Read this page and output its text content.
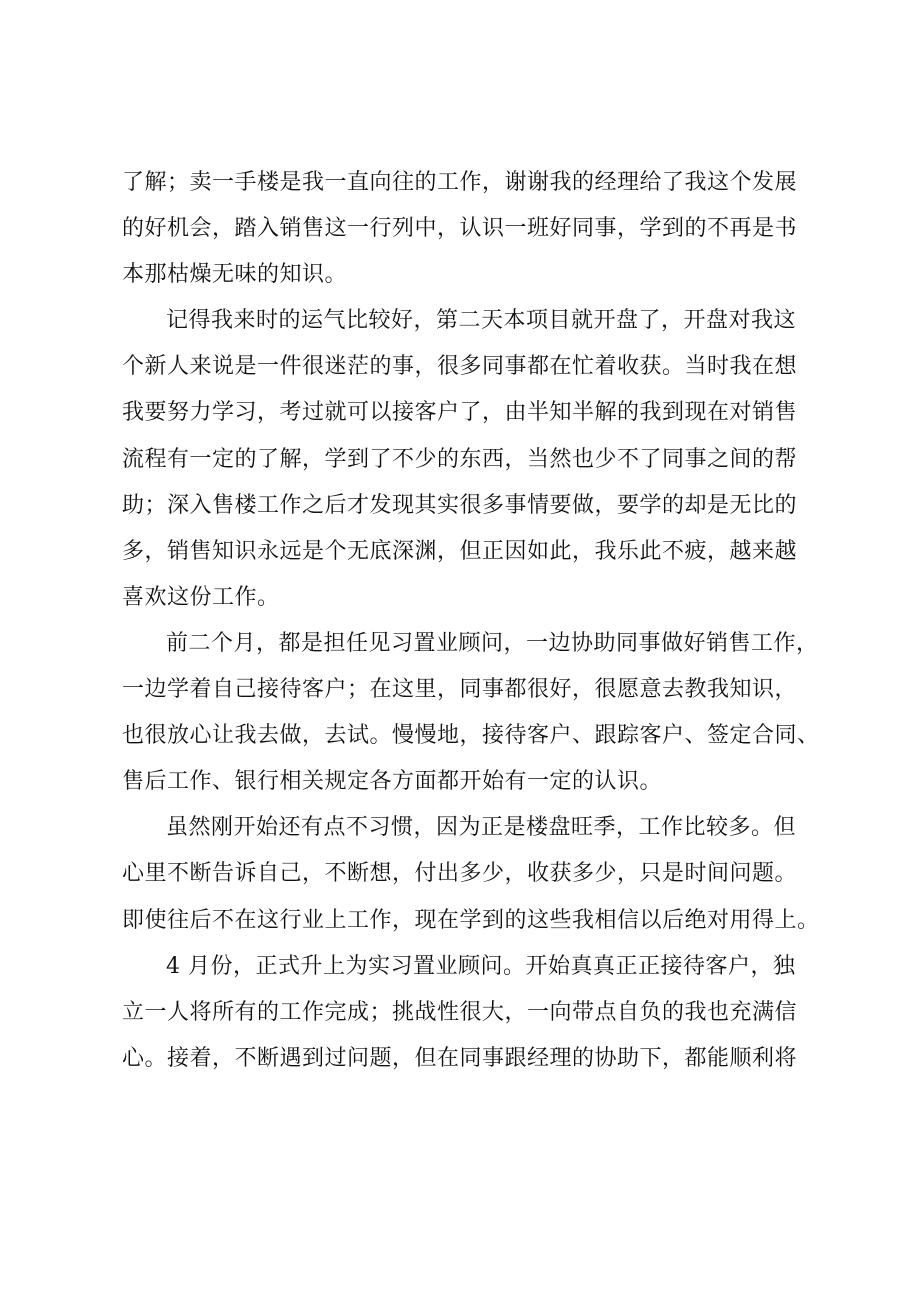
了解；卖一手楼是我一直向往的工作，谢谢我的经理给了我这个发展
的好机会，踏入销售这一行列中，认识一班好同事，学到的不再是书
本那枯燥无味的知识。
记得我来时的运气比较好，第二天本项目就开盘了，开盘对我这
个新人来说是一件很迷茫的事，很多同事都在忙着收获。当时我在想
我要努力学习，考过就可以接客户了，由半知半解的我到现在对销售
流程有一定的了解，学到了不少的东西，当然也少不了同事之间的帮
助；深入售楼工作之后才发现其实很多事情要做，要学的却是无比的
多，销售知识永远是个无底深渊，但正因如此，我乐此不疲，越来越
喜欢这份工作。
前二个月，都是担任见习置业顾问，一边协助同事做好销售工作，
一边学着自己接待客户；在这里，同事都很好，很愿意去教我知识，
也很放心让我去做，去试。慢慢地，接待客户、跟踪客户、签定合同、
售后工作、银行相关规定各方面都开始有一定的认识。
虽然刚开始还有点不习惯，因为正是楼盘旺季，工作比较多。但
心里不断告诉自己，不断想，付出多少，收获多少，只是时间问题。
即使往后不在这行业上工作，现在学到的这些我相信以后绝对用得上。
4 月份，正式升上为实习置业顾问。开始真真正正接待客户，独
立一人将所有的工作完成；挑战性很大，一向带点自负的我也充满信
心。接着，不断遇到过问题，但在同事跟经理的协助下，都能顺利将
